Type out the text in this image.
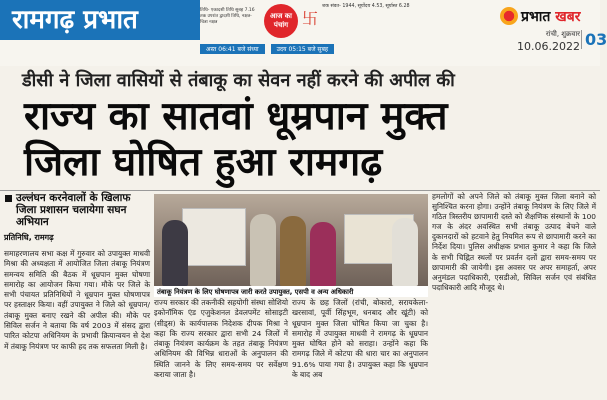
रामगढ़ प्रभात	तिथि- एकादशी तिथि सुबह 7.16 तक उपरांत द्वादशी तिथि, नक्षत्र- चित्रा नक्षत्र
आज का पंचांग 卐
शक संवत- 1944, सूर्योदय 4.53, सूर्यास्त 6.28
अस्त 06:41 बजे संध्या	उदय 05:15 बजे सुबह
प्रभात खबर
रांची, शुक्रवार
10.06.2022 03
डीसी ने जिला वासियों से तंबाकू का सेवन नहीं करने की अपील की
राज्य का सातवां धूम्रपान मुक्त
जिला घोषित हुआ रामगढ़
उल्लंघन करनेवालों के खिलाफ जिला प्रशासन चलायेगा सघन अभियान
प्रतिनिधि, रामगढ़
समाहरणालय सभा कक्ष में गुरुवार को उपायुक्त माधवी मिश्रा की अध्यक्षता में आयोजित जिला तंबाकू नियंत्रण समन्वय समिति की बैठक में धूम्रपान मुक्त घोषणा समारोह का आयोजन किया गया। मौके पर जिले के सभी पंचायत प्रतिनिधियों ने धूम्रपान मुक्त घोषणापत्र पर हस्ताक्षर किया। वहीं उपायुक्त ने जिले को धूम्रपान/तंबाकू मुक्त बनाए रखने की अपील की। मौके पर सिविल सर्जन ने बताया कि वर्ष 2003 में संसद द्वारा पारित कोटपा अधिनियम के प्रभावी क्रियान्वयन से देश में तंबाकू नियंत्रण पर काफी हद तक सफलता मिली है।
तंबाकू नियंत्रण के लिए घोषणापत्र जारी करते उपायुक्त, एसपी व अन्य अधिकारी
राज्य सरकार की तकनीकी सहयोगी संस्था सोशियो इकोनॉमिक एंड एजुकेशनल डेवलपमेंट सोसाइटी (सीड्स) के कार्यपालक निदेशक दीपक मिश्रा ने कहा कि राज्य सरकार द्वारा सभी 24 जिलों में तंबाकू नियंत्रण कार्यक्रम के तहत तंबाकू नियंत्रण अधिनियम की विभिन्न धाराओं के अनुपालन की स्थिति जानने के लिए समय-समय पर सर्वेक्षण कराया जाता है।
राज्य के छह जिलों (रांची, बोकारो, सरायकेला-खरसावां, पूर्वी सिंहभूम, धनबाद और खूंटी) को धूम्रपान मुक्त जिला घोषित किया जा चुका है। समारोह में उपायुक्त माधवी ने रामगढ़ के धूम्रपान मुक्त घोषित होने को सराहा। उन्होंने कहा कि रामगढ़ जिले में कोटपा की धारा चार का अनुपालन 91.6% पाया गया है। उपायुक्त कहा कि धूम्रपान के बाद अब
हमलोगों को अपने जिले को तंबाकू मुक्त जिला बनाने को सुनिश्चित करना होगा। उन्होंने तंबाकू नियंत्रण के लिए जिले में गठित त्रिस्तरीय छापामारी दस्ते को शैक्षणिक संस्थानों के 100 गज के अंदर अवस्थित सभी तंबाकू उत्पाद बेचने वाले दुकानदारों को हटवाने हेतु नियमित रूप से छापामारी करने का निर्देश दिया। पुलिस अधीक्षक प्रभात कुमार ने कहा कि जिले के सभी चिह्नित स्थलों पर प्रवर्तन दलों द्वारा समय-समय पर छापामारी की जायेगी। इस अवसर पर अपर समाहर्ता, अपर अनुमंडल पदाधिकारी, एसडीओ, सिविल सर्जन एवं संबंधित पदाधिकारी आदि मौजूद थे।
